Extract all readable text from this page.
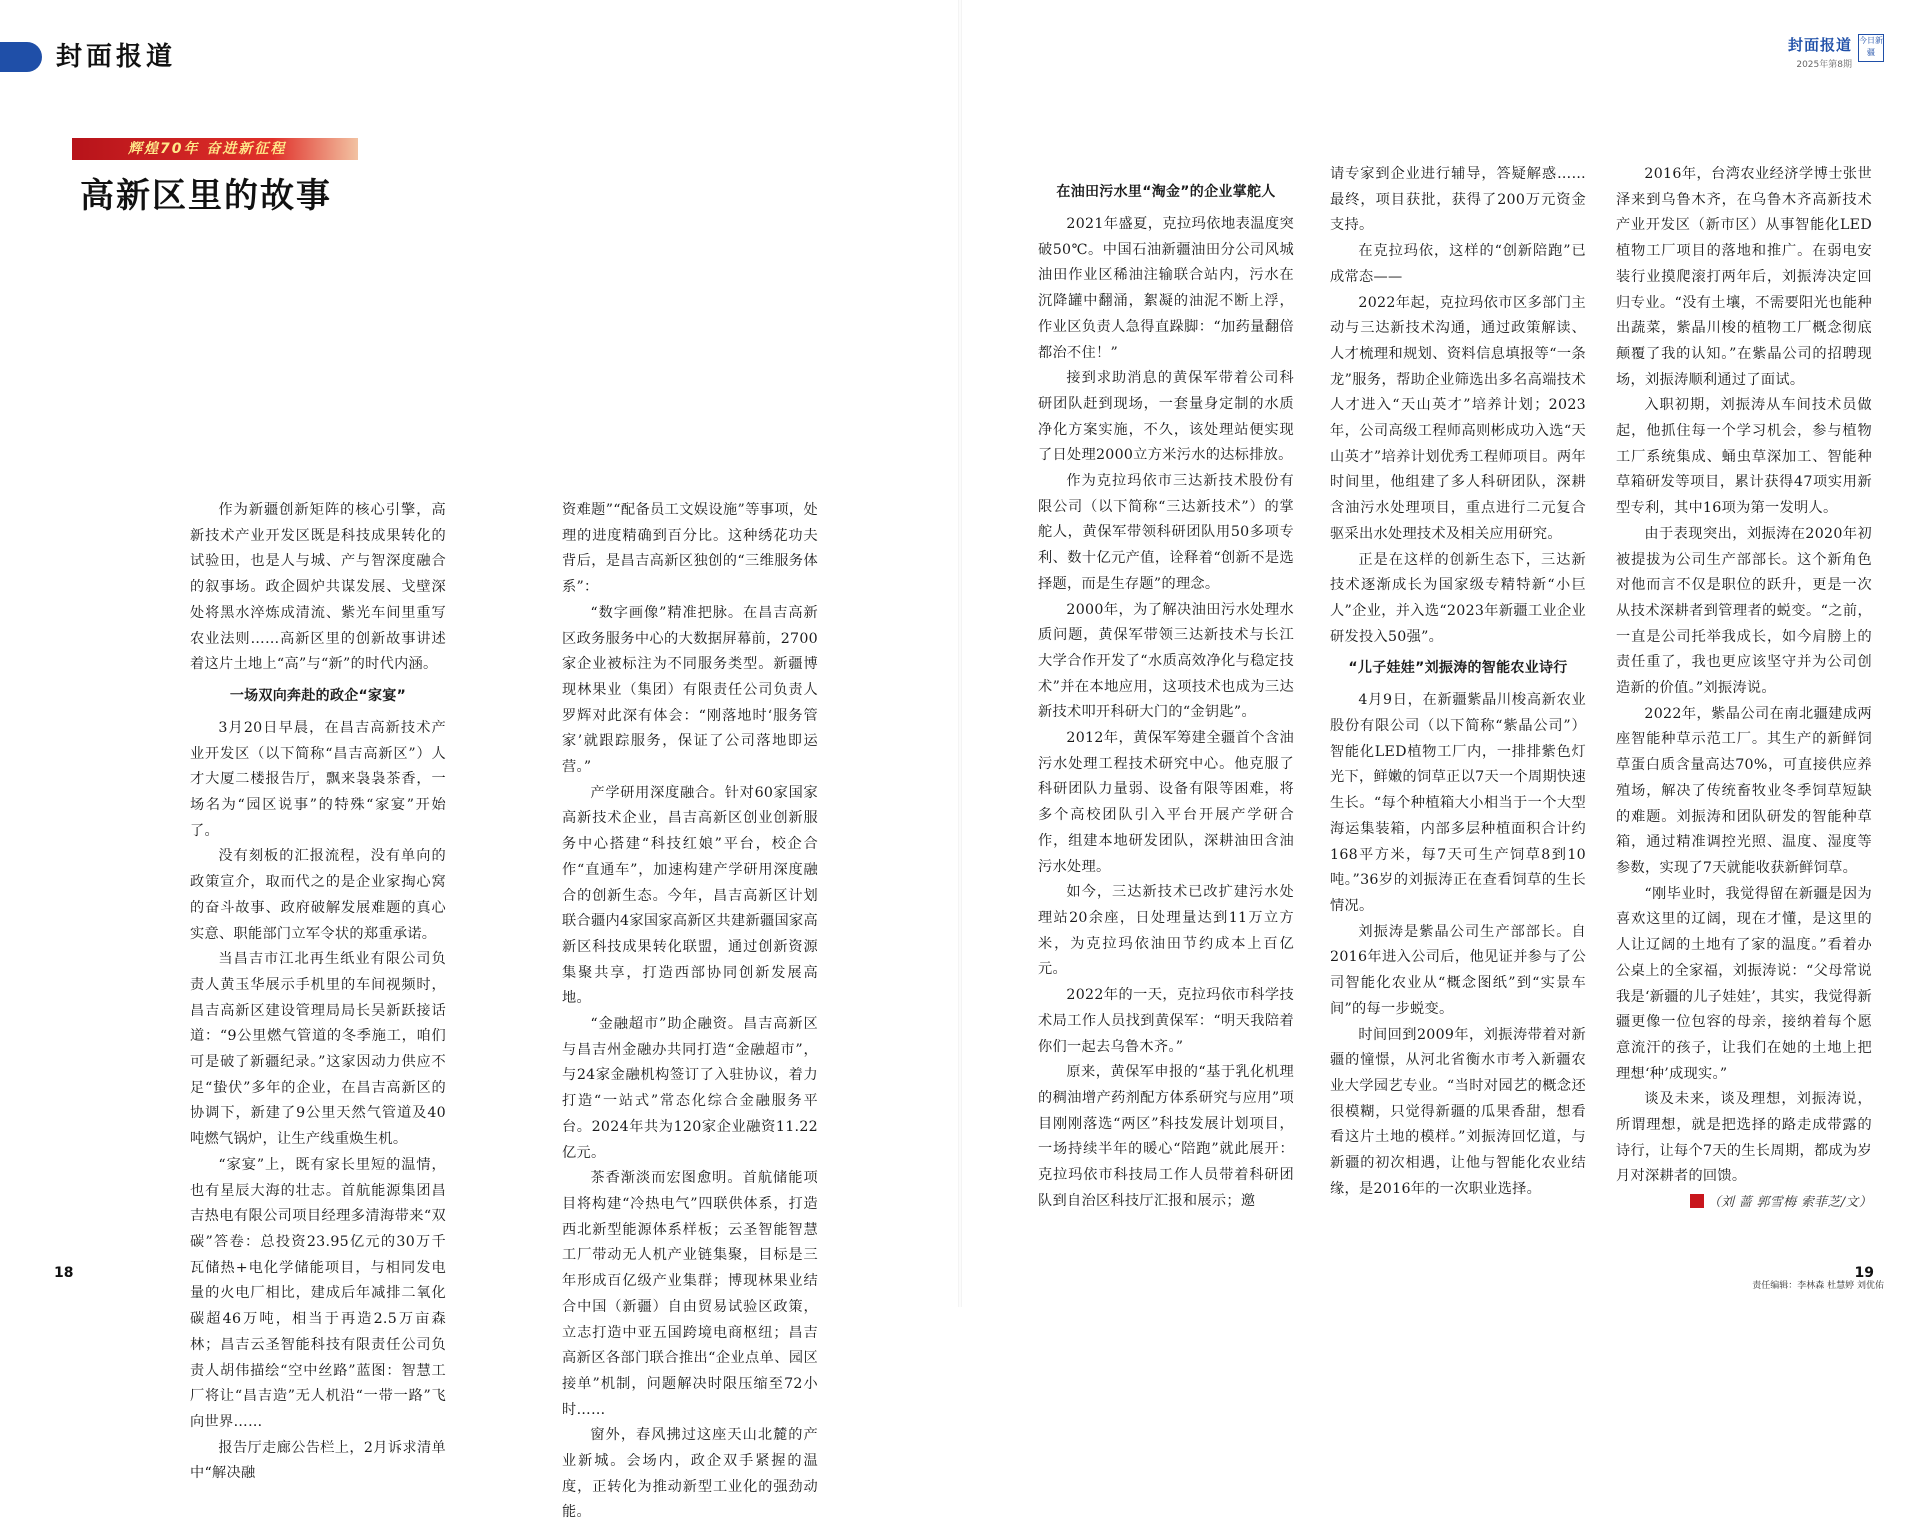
封面报道	封面报道
2025年第8期
今日新疆
辉煌70年 奋进新征程
高新区里的故事

作为新疆创新矩阵的核心引擎，高新技术产业开发区既是科技成果转化的试验田，也是人与城、产与智深度融合的叙事场。政企圆炉共谋发展、戈壁深处将黑水淬炼成清流、紫光车间里重写农业法则……高新区里的创新故事讲述着这片土地上“高”与“新”的时代内涵。

一场双向奔赴的政企“家宴”

3月20日早晨，在昌吉高新技术产业开发区（以下简称“昌吉高新区”）人才大厦二楼报告厅，飘来袅袅茶香，一场名为“园区说事”的特殊“家宴”开始了。

没有刻板的汇报流程，没有单向的政策宣介，取而代之的是企业家掏心窝的奋斗故事、政府破解发展难题的真心实意、职能部门立军令状的郑重承诺。

当昌吉市江北再生纸业有限公司负责人黄玉华展示手机里的车间视频时，昌吉高新区建设管理局局长吴新跃接话道：“9公里燃气管道的冬季施工，咱们可是破了新疆纪录。”这家因动力供应不足“蛰伏”多年的企业，在昌吉高新区的协调下，新建了9公里天然气管道及40吨燃气锅炉，让生产线重焕生机。

“家宴”上，既有家长里短的温情，也有星辰大海的壮志。首航能源集团昌吉热电有限公司项目经理多清海带来“双碳”答卷：总投资23.95亿元的30万千瓦储热+电化学储能项目，与相同发电量的火电厂相比，建成后年减排二氧化碳超46万吨，相当于再造2.5万亩森林；昌吉云圣智能科技有限责任公司负责人胡伟描绘“空中丝路”蓝图：智慧工厂将让“昌吉造”无人机沿“一带一路”飞向世界……

报告厅走廊公告栏上，2月诉求清单中“解决融

资难题”“配备员工文娱设施”等事项，处理的进度精确到百分比。这种绣花功夫背后，是昌吉高新区独创的“三维服务体系”：

“数字画像”精准把脉。在昌吉高新区政务服务中心的大数据屏幕前，2700家企业被标注为不同服务类型。新疆博现林果业（集团）有限责任公司负责人罗辉对此深有体会：“刚落地时‘服务管家’就跟踪服务，保证了公司落地即运营。”

产学研用深度融合。针对60家国家高新技术企业，昌吉高新区创业创新服务中心搭建“科技红娘”平台，校企合作“直通车”，加速构建产学研用深度融合的创新生态。今年，昌吉高新区计划联合疆内4家国家高新区共建新疆国家高新区科技成果转化联盟，通过创新资源集聚共享，打造西部协同创新发展高地。

“金融超市”助企融资。昌吉高新区与昌吉州金融办共同打造“金融超市”，与24家金融机构签订了入驻协议，着力打造“一站式”常态化综合金融服务平台。2024年共为120家企业融资11.22亿元。

茶香渐淡而宏图愈明。首航储能项目将构建“冷热电气”四联供体系，打造西北新型能源体系样板；云圣智能智慧工厂带动无人机产业链集聚，目标是三年形成百亿级产业集群；博现林果业结合中国（新疆）自由贸易试验区政策，立志打造中亚五国跨境电商枢纽；昌吉高新区各部门联合推出“企业点单、园区接单”机制，问题解决时限压缩至72小时……

窗外，春风拂过这座天山北麓的产业新城。会场内，政企双手紧握的温度，正转化为推动新型工业化的强劲动能。

在油田污水里“淘金”的企业掌舵人

2021年盛夏，克拉玛依地表温度突破50℃。中国石油新疆油田分公司风城油田作业区稀油注输联合站内，污水在沉降罐中翻涌，絮凝的油泥不断上浮，作业区负责人急得直跺脚：“加药量翻倍都治不住！”

接到求助消息的黄保军带着公司科研团队赶到现场，一套量身定制的水质净化方案实施，不久，该处理站便实现了日处理2000立方米污水的达标排放。

作为克拉玛依市三达新技术股份有限公司（以下简称“三达新技术”）的掌舵人，黄保军带领科研团队用50多项专利、数十亿元产值，诠释着“创新不是选择题，而是生存题”的理念。

2000年，为了解决油田污水处理水质问题，黄保军带领三达新技术与长江大学合作开发了“水质高效净化与稳定技术”并在本地应用，这项技术也成为三达新技术叩开科研大门的“金钥匙”。

2012年，黄保军筹建全疆首个含油污水处理工程技术研究中心。他克服了科研团队力量弱、设备有限等困难，将多个高校团队引入平台开展产学研合作，组建本地研发团队，深耕油田含油污水处理。

如今，三达新技术已改扩建污水处理站20余座，日处理量达到11万立方米，为克拉玛依油田节约成本上百亿元。

2022年的一天，克拉玛依市科学技术局工作人员找到黄保军：“明天我陪着你们一起去乌鲁木齐。”

原来，黄保军申报的“基于乳化机理的稠油增产药剂配方体系研究与应用”项目刚刚落选“两区”科技发展计划项目，一场持续半年的暖心“陪跑”就此展开：克拉玛依市科技局工作人员带着科研团队到自治区科技厅汇报和展示；邀

请专家到企业进行辅导，答疑解惑……最终，项目获批，获得了200万元资金支持。

在克拉玛依，这样的“创新陪跑”已成常态——

2022年起，克拉玛依市区多部门主动与三达新技术沟通，通过政策解读、人才梳理和规划、资料信息填报等“一条龙”服务，帮助企业筛选出多名高端技术人才进入“天山英才”培养计划；2023年，公司高级工程师高则彬成功入选“天山英才”培养计划优秀工程师项目。两年时间里，他组建了多人科研团队，深耕含油污水处理项目，重点进行二元复合驱采出水处理技术及相关应用研究。

正是在这样的创新生态下，三达新技术逐渐成长为国家级专精特新“小巨人”企业，并入选“2023年新疆工业企业研发投入50强”。

“儿子娃娃”刘振涛的智能农业诗行

4月9日，在新疆紫晶川梭高新农业股份有限公司（以下简称“紫晶公司”）智能化LED植物工厂内，一排排紫色灯光下，鲜嫩的饲草正以7天一个周期快速生长。“每个种植箱大小相当于一个大型海运集装箱，内部多层种植面积合计约168平方米，每7天可生产饲草8到10吨。”36岁的刘振涛正在查看饲草的生长情况。

刘振涛是紫晶公司生产部部长。自2016年进入公司后，他见证并参与了公司智能化农业从“概念图纸”到“实景车间”的每一步蜕变。

时间回到2009年，刘振涛带着对新疆的憧憬，从河北省衡水市考入新疆农业大学园艺专业。“当时对园艺的概念还很模糊，只觉得新疆的瓜果香甜，想看看这片土地的模样。”刘振涛回忆道，与新疆的初次相遇，让他与智能化农业结缘，是2016年的一次职业选择。

2016年，台湾农业经济学博士张世泽来到乌鲁木齐，在乌鲁木齐高新技术产业开发区（新市区）从事智能化LED植物工厂项目的落地和推广。在弱电安装行业摸爬滚打两年后，刘振涛决定回归专业。“没有土壤，不需要阳光也能种出蔬菜，紫晶川梭的植物工厂概念彻底颠覆了我的认知。”在紫晶公司的招聘现场，刘振涛顺利通过了面试。

入职初期，刘振涛从车间技术员做起，他抓住每一个学习机会，参与植物工厂系统集成、蛹虫草深加工、智能种草箱研发等项目，累计获得47项实用新型专利，其中16项为第一发明人。

由于表现突出，刘振涛在2020年初被提拔为公司生产部部长。这个新角色对他而言不仅是职位的跃升，更是一次从技术深耕者到管理者的蜕变。“之前，一直是公司托举我成长，如今肩膀上的责任重了，我也更应该坚守并为公司创造新的价值。”刘振涛说。

2022年，紫晶公司在南北疆建成两座智能种草示范工厂。其生产的新鲜饲草蛋白质含量高达70%，可直接供应养殖场，解决了传统畜牧业冬季饲草短缺的难题。刘振涛和团队研发的智能种草箱，通过精准调控光照、温度、湿度等参数，实现了7天就能收获新鲜饲草。

“刚毕业时，我觉得留在新疆是因为喜欢这里的辽阔，现在才懂，是这里的人让辽阔的土地有了家的温度。”看着办公桌上的全家福，刘振涛说：“父母常说我是‘新疆的儿子娃娃’，其实，我觉得新疆更像一位包容的母亲，接纳着每个愿意流汗的孩子，让我们在她的土地上把理想‘种’成现实。”

谈及未来，谈及理想，刘振涛说，所谓理想，就是把选择的路走成带露的诗行，让每个7天的生长周期，都成为岁月对深耕者的回馈。

（刘 蔷 郭雪梅 索菲芝/文）

18	19
责任编辑：李林森 杜慧婷 刘优佑
